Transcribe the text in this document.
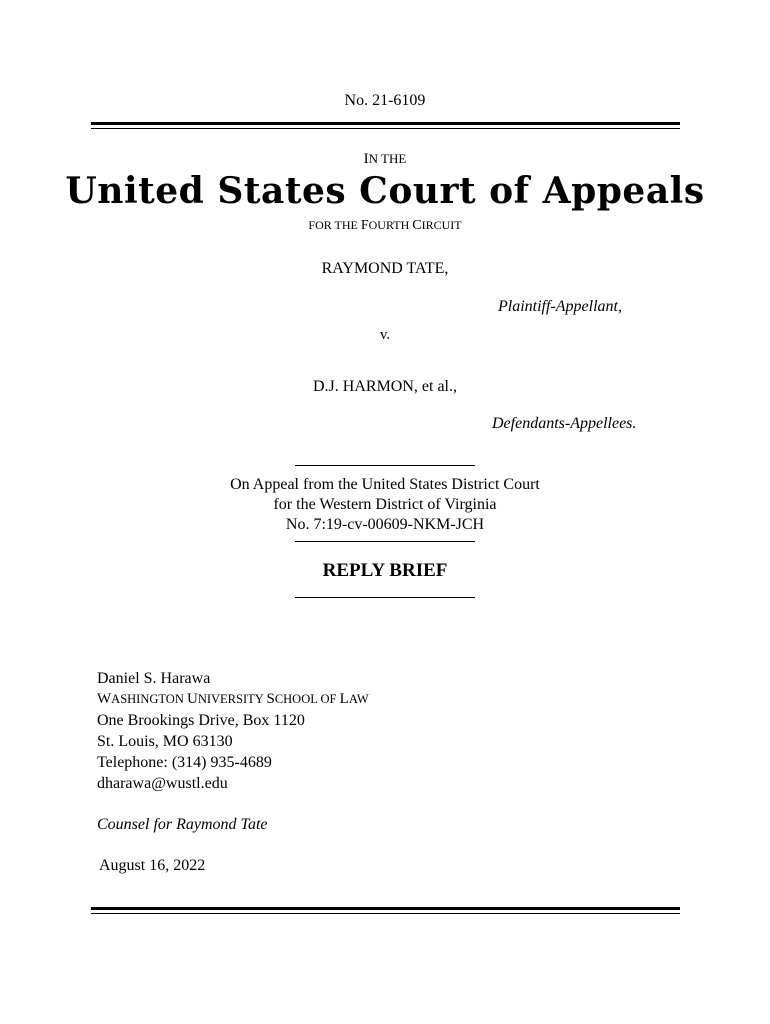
No. 21-6109
IN THE
United States Court of Appeals
FOR THE FOURTH CIRCUIT
RAYMOND TATE,
Plaintiff-Appellant,
v.
D.J. HARMON, et al.,
Defendants-Appellees.
On Appeal from the United States District Court
for the Western District of Virginia
No. 7:19-cv-00609-NKM-JCH
REPLY BRIEF
Daniel S. Harawa
WASHINGTON UNIVERSITY SCHOOL OF LAW
One Brookings Drive, Box 1120
St. Louis, MO 63130
Telephone: (314) 935-4689
dharawa@wustl.edu
Counsel for Raymond Tate
August 16, 2022
